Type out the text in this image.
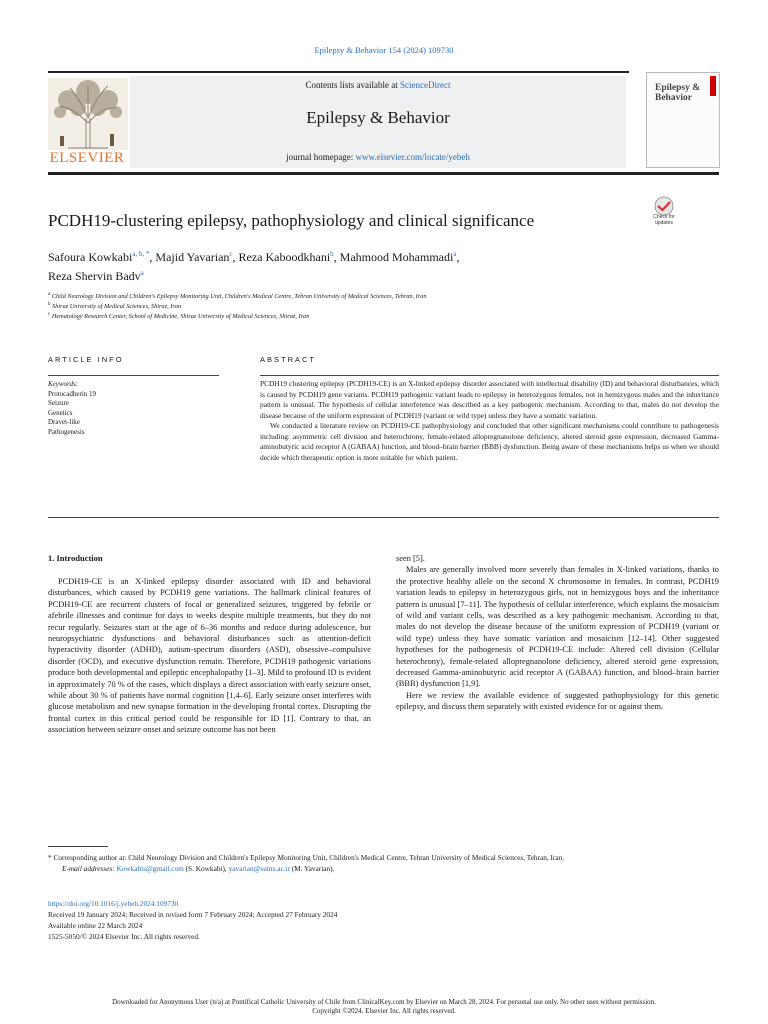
Epilepsy & Behavior 154 (2024) 109730
ELSEVIER
Contents lists available at ScienceDirect
Epilepsy & Behavior
journal homepage: www.elsevier.com/locate/yebeh
Epilepsy & Behavior
PCDH19-clustering epilepsy, pathophysiology and clinical significance	Check for updates
Safoura Kowkabi$^{a, b, *}$, Majid Yavarian$^c$, Reza Kaboodkhani$^b$, Mahmood Mohammadi$^a$,
Reza Shervin Badv$^a$
$^a$ Child Neurology Division and Children's Epilepsy Monitoring Unit, Children's Medical Centre, Tehran University of Medical Sciences, Tehran, Iran
$^b$ Shiraz University of Medical Sciences, Shiraz, Iran
$^c$ Hematology Research Center, School of Medicine, Shiraz University of Medical Sciences, Shiraz, Iran
ARTICLE INFO	ABSTRACT
Keywords:
Protocadherin 19
Seizure
Genetics
Dravet-like
Pathogenesis

PCDH19 clustering epilepsy (PCDH19-CE) is an X-linked epilepsy disorder associated with intellectual disability (ID) and behavioral disturbances, which is caused by PCDH19 gene variants. PCDH19 pathogenic variant leads to epilepsy in heterozygous females, not in hemizygous males and the inheritance pattern is unusual. The hypothesis of cellular interference was described as a key pathogenic mechanism. According to that, males do not develop the disease because of the uniform expression of PCDH19 (variant or wild type) unless they have a somatic variation.

We conducted a literature review on PCDH19-CE pathophysiology and concluded that other significant mechanisms could contribute to pathogenesis including: asymmetric cell division and heterochrony, female-related allopregnanolone deficiency, altered steroid gene expression, decreased Gamma-aminobutyric acid receptor A (GABAA) function, and blood–brain barrier (BBB) dysfunction. Being aware of these mechanisms helps us when we should decide which therapeutic option is more suitable for which patient.

1. Introduction

PCDH19-CE is an X-linked epilepsy disorder associated with ID and behavioral disturbances, which caused by PCDH19 gene variations. The hallmark clinical features of PCDH19-CE are recurrent clusters of focal or generalized seizures, triggered by febrile or afebrile illnesses and continue for days to weeks despite multiple treatments, but they do not recur regularly. Seizures start at the age of 6–36 months and reduce during adolescence, but neuropsychiatric dysfunctions and behavioral disturbances such as attention-deficit hyperactivity disorder (ADHD), autism-spectrum disorders (ASD), obsessive–compulsive disorder (OCD), and executive dysfunction remain. Therefore, PCDH19 pathogenic variations produce both developmental and epileptic encephalopathy [1–3]. Mild to profound ID is evident in approximately 70 % of the cases, which displays a direct association with early seizure onset, while about 30 % of patients have normal cognition [1,4–6]. Early seizure onset interferes with glucose metabolism and new synapse formation in the developing frontal cortex. Disrupting the frontal cortex in this critical period could be responsible for ID [1]. Contrary to that, an association between seizure onset and seizure outcome has not been

seen [5].

Males are generally involved more severely than females in X-linked variations, thanks to the protective healthy allele on the second X chromosome in females. In contrast, PCDH19 variation leads to epilepsy in heterozygous girls, not in hemizygous boys and the inheritance pattern is unusual [7–11]. The hypothesis of cellular interference, which explains the mosaicism of wild and variant cells, was described as a key pathogenic mechanism. According to that, males do not develop the disease because of the uniform expression of PCDH19 (variant or wild type) unless they have somatic variation and mosaicism [12–14]. Other suggested hypotheses for the pathogenesis of PCDH19-CE include: Altered cell division (Cellular heterochrony), female-related allopregnanolone deficiency, altered steroid gene expression, decreased Gamma-aminobutyric acid receptor A (GABAA) function, and blood–brain barrier (BBB) dysfunction [1,9].

Here we review the available evidence of suggested pathophysiology for this genetic epilepsy, and discuss them separately with existed evidence for or against them.

* Corresponding author at: Child Neurology Division and Children's Epilepsy Monitoring Unit, Children's Medical Centre, Tehran University of Medical Sciences, Tehran, Iran.
E-mail addresses: Kowkabis@gmail.com (S. Kowkabi), yavarian@sums.ac.ir (M. Yavarian).
https://doi.org/10.1016/j.yebeh.2024.109730
Received 19 January 2024; Received in revised form 7 February 2024; Accepted 27 February 2024
Available online 22 March 2024
1525-5050/© 2024 Elsevier Inc. All rights reserved.
Downloaded for Anonymous User (n/a) at Pontifical Catholic University of Chile from ClinicalKey.com by Elsevier on March 28, 2024. For personal use only. No other uses without permission. Copyright ©2024. Elsevier Inc. All rights reserved.
